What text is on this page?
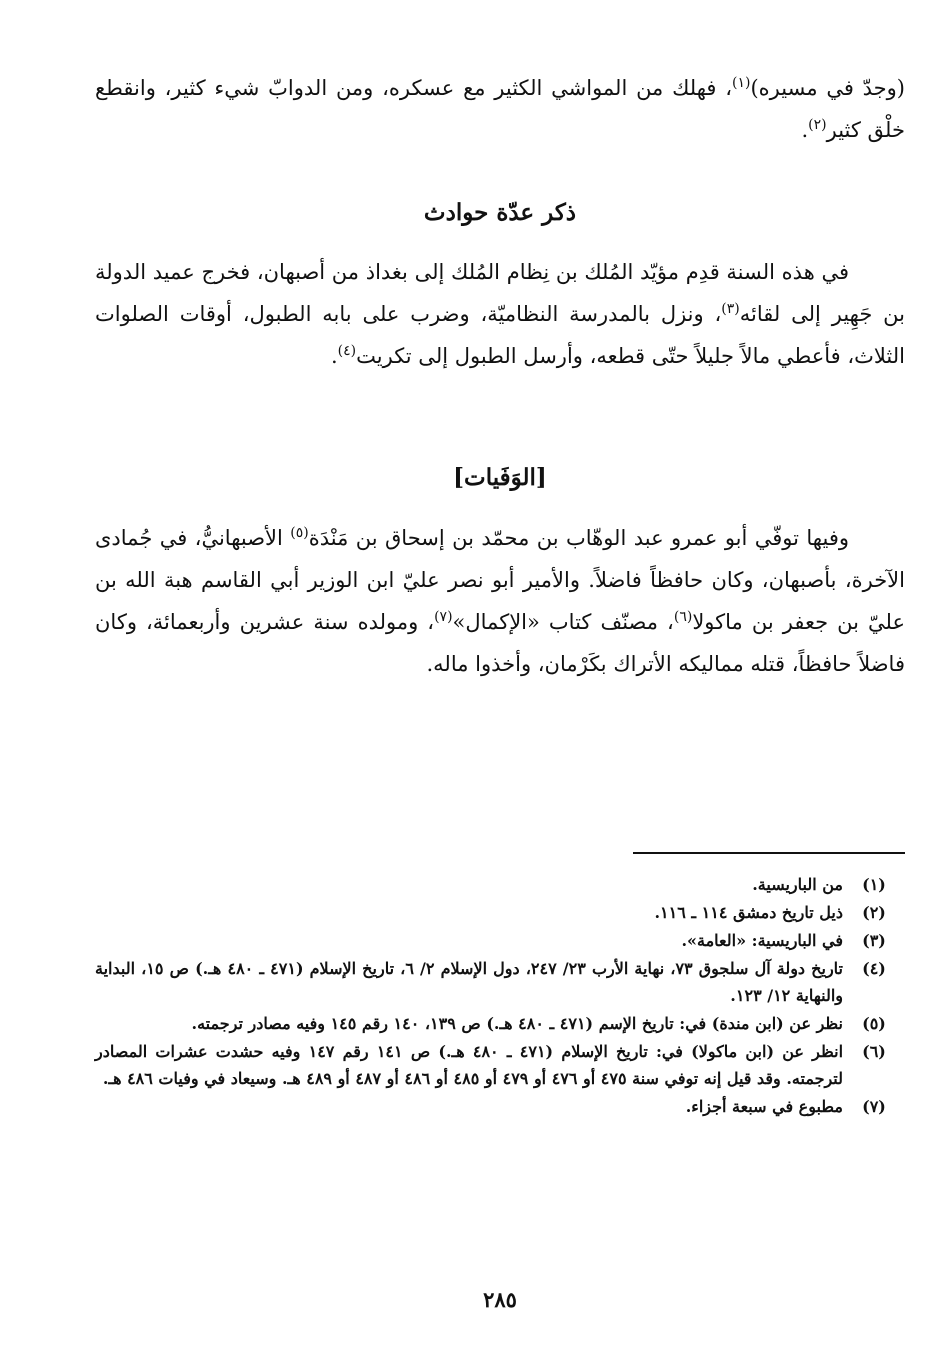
(وجدّ في مسيره)$^{(١)}$، فهلك من المواشي الكثير مع عسكره، ومن الدوابّ شيء كثير، وانقطع خلْق كثير$^{(٢)}$.

ذكر عدّة حوادث

في هذه السنة قدِم مؤيّد المُلك بن نِظام المُلك إلى بغداذ من أصبهان، فخرج عميد الدولة بن جَهِير إلى لقائه$^{(٣)}$، ونزل بالمدرسة النظاميّة، وضرب على بابه الطبول، أوقات الصلوات الثلاث، فأعطي مالاً جليلاً حتّى قطعه، وأرسل الطبول إلى تكريت$^{(٤)}$.

[الوَفَيات]

وفيها توفّي أبو عمرو عبد الوهّاب بن محمّد بن إسحاق بن مَنْدَة$^{(٥)}$ الأصبهانيُّ، في جُمادى الآخرة، بأصبهان، وكان حافظاً فاضلاً. والأمير أبو نصر عليّ ابن الوزير أبي القاسم هبة الله بن عليّ بن جعفر بن ماكولا$^{(٦)}$، مصنّف كتاب «الإكمال»$^{(٧)}$، ومولده سنة عشرين وأربعمائة، وكان فاضلاً حافظاً، قتله مماليكه الأتراك بكَرْمان، وأخذوا ماله.

(١)
من الباريسية.
(٢)
ذيل تاريخ دمشق ١١٤ ـ ١١٦.
(٣)
في الباريسية: «العامة».
(٤)
تاريخ دولة آل سلجوق ٧٣، نهاية الأرب ٢٣/ ٢٤٧، دول الإسلام ٢/ ٦، تاريخ الإسلام (٤٧١ ـ ٤٨٠ هـ.) ص ١٥، البداية والنهاية ١٢/ ١٢٣.
(٥)
نظر عن (ابن مندة) في: تاريخ الإسم (٤٧١ ـ ٤٨٠ هـ.) ص ١٣٩، ١٤٠ رقم ١٤٥ وفيه مصادر ترجمته.
(٦)
انظر عن (ابن ماكولا) في: تاريخ الإسلام (٤٧١ ـ ٤٨٠ هـ.) ص ١٤١ رقم ١٤٧ وفيه حشدت عشرات المصادر لترجمته. وقد قيل إنه توفي سنة ٤٧٥ أو ٤٧٦ أو ٤٧٩ أو ٤٨٥ أو ٤٨٦ أو ٤٨٧ أو ٤٨٩ هـ. وسيعاد في وفيات ٤٨٦ هـ.
(٧)
مطبوع في سبعة أجزاء.
٢٨٥
